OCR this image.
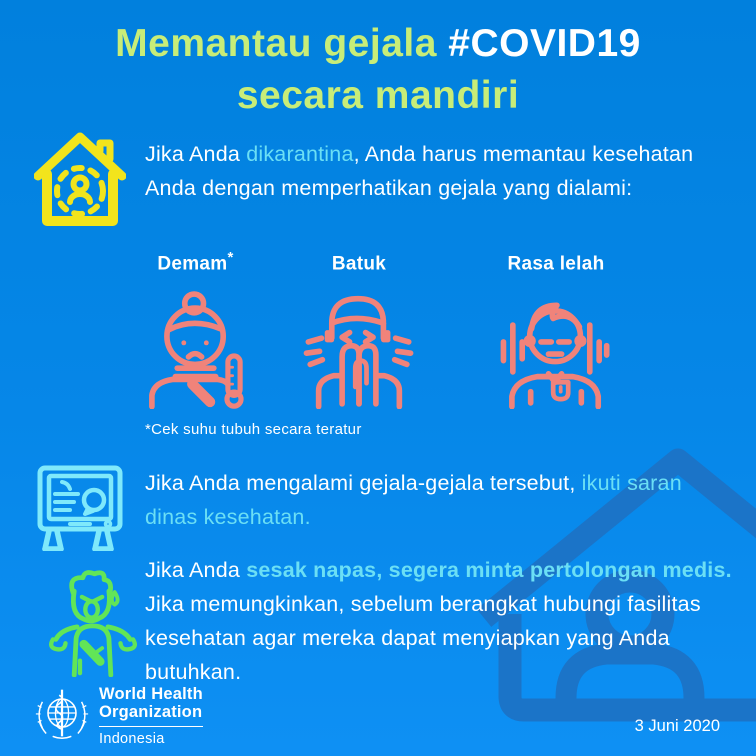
Memantau gejala #COVID19
secara mandiri
Jika Anda dikarantina, Anda harus memantau kesehatan Anda dengan memperhatikan gejala yang dialami:
Demam*	Batuk	Rasa lelah
*Cek suhu tubuh secara teratur
Jika Anda mengalami gejala-gejala tersebut, ikuti saran dinas kesehatan.
Jika Anda sesak napas, segera minta pertolongan medis. Jika memungkinkan, sebelum berangkat hubungi fasilitas kesehatan agar mereka dapat menyiapkan yang Anda butuhkan.
World Health
Organization
Indonesia
3 Juni 2020
